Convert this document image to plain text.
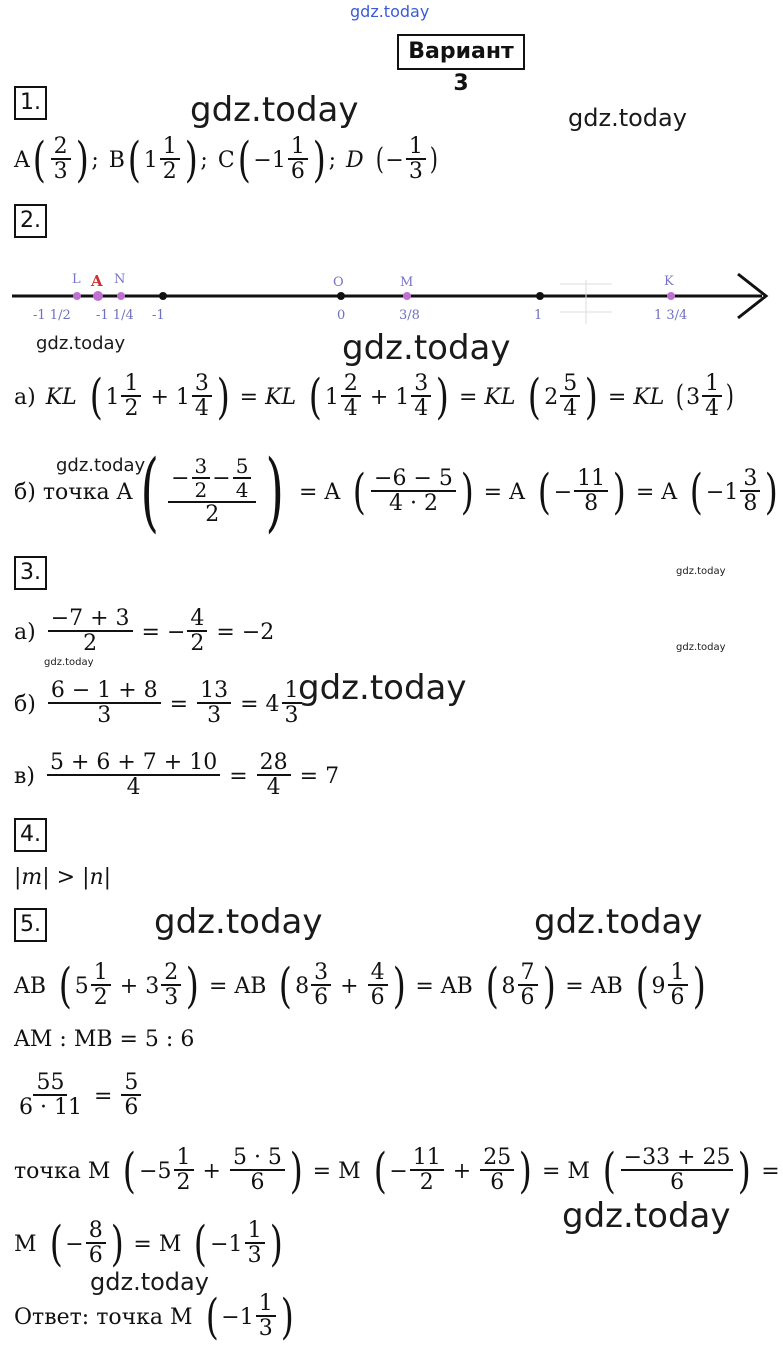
gdz.today
gdz.today	gdz.today
gdz.today	gdz.today
gdz.today
gdz.today
gdz.today
gdz.today
gdz.today
gdz.today	gdz.today
gdz.today
gdz.today
Вариант 3
1.
A ( $\frac{2}{3}$ ) ; B ( $1 \frac{1}{2}$ ) ; C ( $-1 \frac{1}{6}$ ) ; D ( − $\frac{1}{3}$ )
2.
L A N	O	M	K
-1 1/2 -1 1/4 -1	0	3/8	1	1 3/4
а) KL ( $1 \frac{1}{2} + 1 \frac{3}{4}$ ) = KL ( $1 \frac{2}{4} + 1 \frac{3}{4}$ ) = KL ( $2 \frac{5}{4}$ ) = KL ( $3 \frac{1}{4}$ )
б) точка A ( $\frac{- \frac{3}{2} - \frac{5}{4}}{2}$ ) = A ( $\frac{-6 - 5}{4 \cdot 2}$ ) = A ( − $\frac{11}{8}$ ) = A ( $-1 \frac{3}{8}$ )
3.
$а) \frac{-7 + 3}{2}$ = − $\frac{4}{2}$
= −2
$б) \frac{6 - 1 + 8}{3} = \frac{13}{3} = 4 \frac{1}{3}$
$в) \frac{5 + 6 + 7 + 10}{4} = \frac{28}{4}$
= 7
4.
|m| > |n|
5.
AB ( $5 \frac{1}{2} + 3 \frac{2}{3}$ ) = AB ( $8 \frac{3}{6} + \frac{4}{6}$ ) = AB ( $8 \frac{7}{6}$ ) = AB ( $9 \frac{1}{6}$ )
AM : MB = 5 : 6
$\frac{55}{6 \cdot 11} = \frac{5}{6}$
точка M ( $-5 \frac{1}{2} + \frac{5 \cdot 5}{6}$ ) = M ( − $\frac{11}{2} + \frac{25}{6}$ ) = M ( $\frac{-33 + 25}{6}$ ) =
M ( − $\frac{8}{6}$ ) = M ( $-1 \frac{1}{3}$ )
Ответ: точка M ( $-1 \frac{1}{3}$ )
